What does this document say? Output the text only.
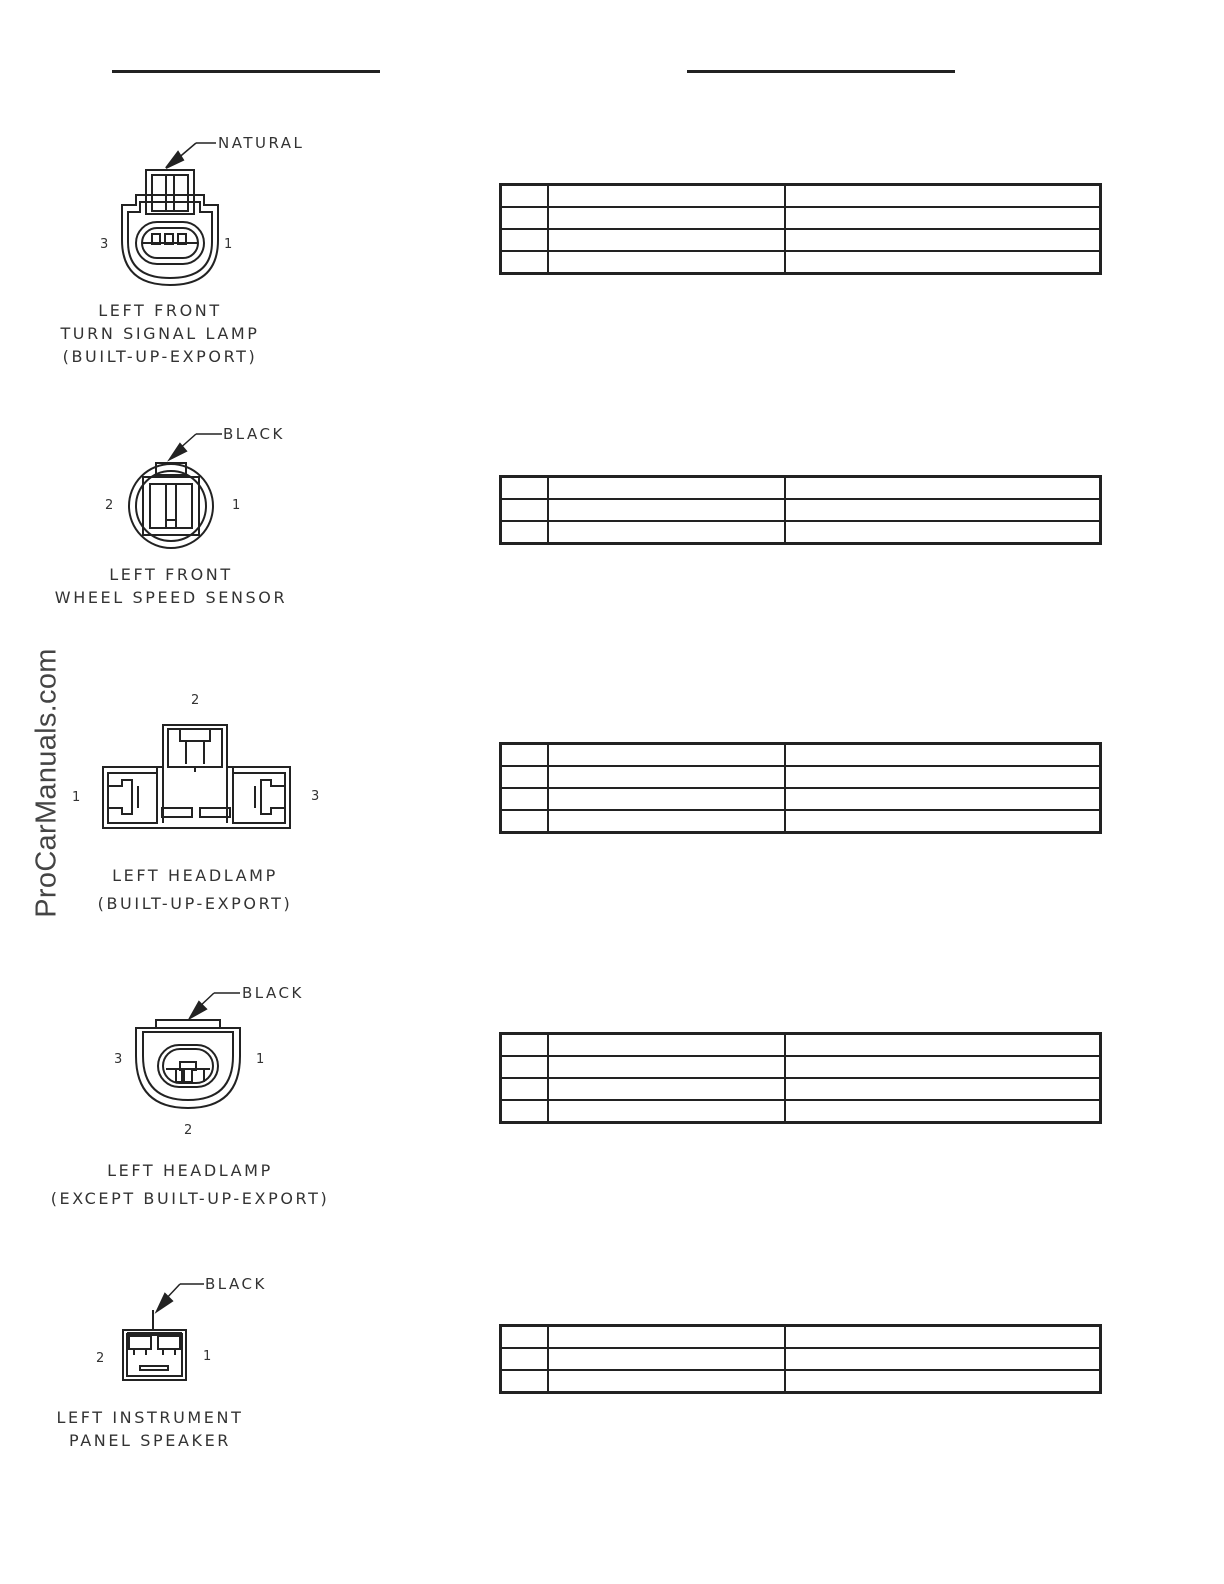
ProCarManuals.com
NATURAL
3	1
LEFT FRONT
TURN SIGNAL LAMP
(BUILT-UP-EXPORT)

BLACK
2	1
LEFT FRONT
WHEEL SPEED SENSOR

2
1	3
LEFT HEADLAMP
(BUILT-UP-EXPORT)

BLACK
3	1
2
LEFT HEADLAMP
(EXCEPT BUILT-UP-EXPORT)

BLACK
2	1
LEFT INSTRUMENT
PANEL SPEAKER
